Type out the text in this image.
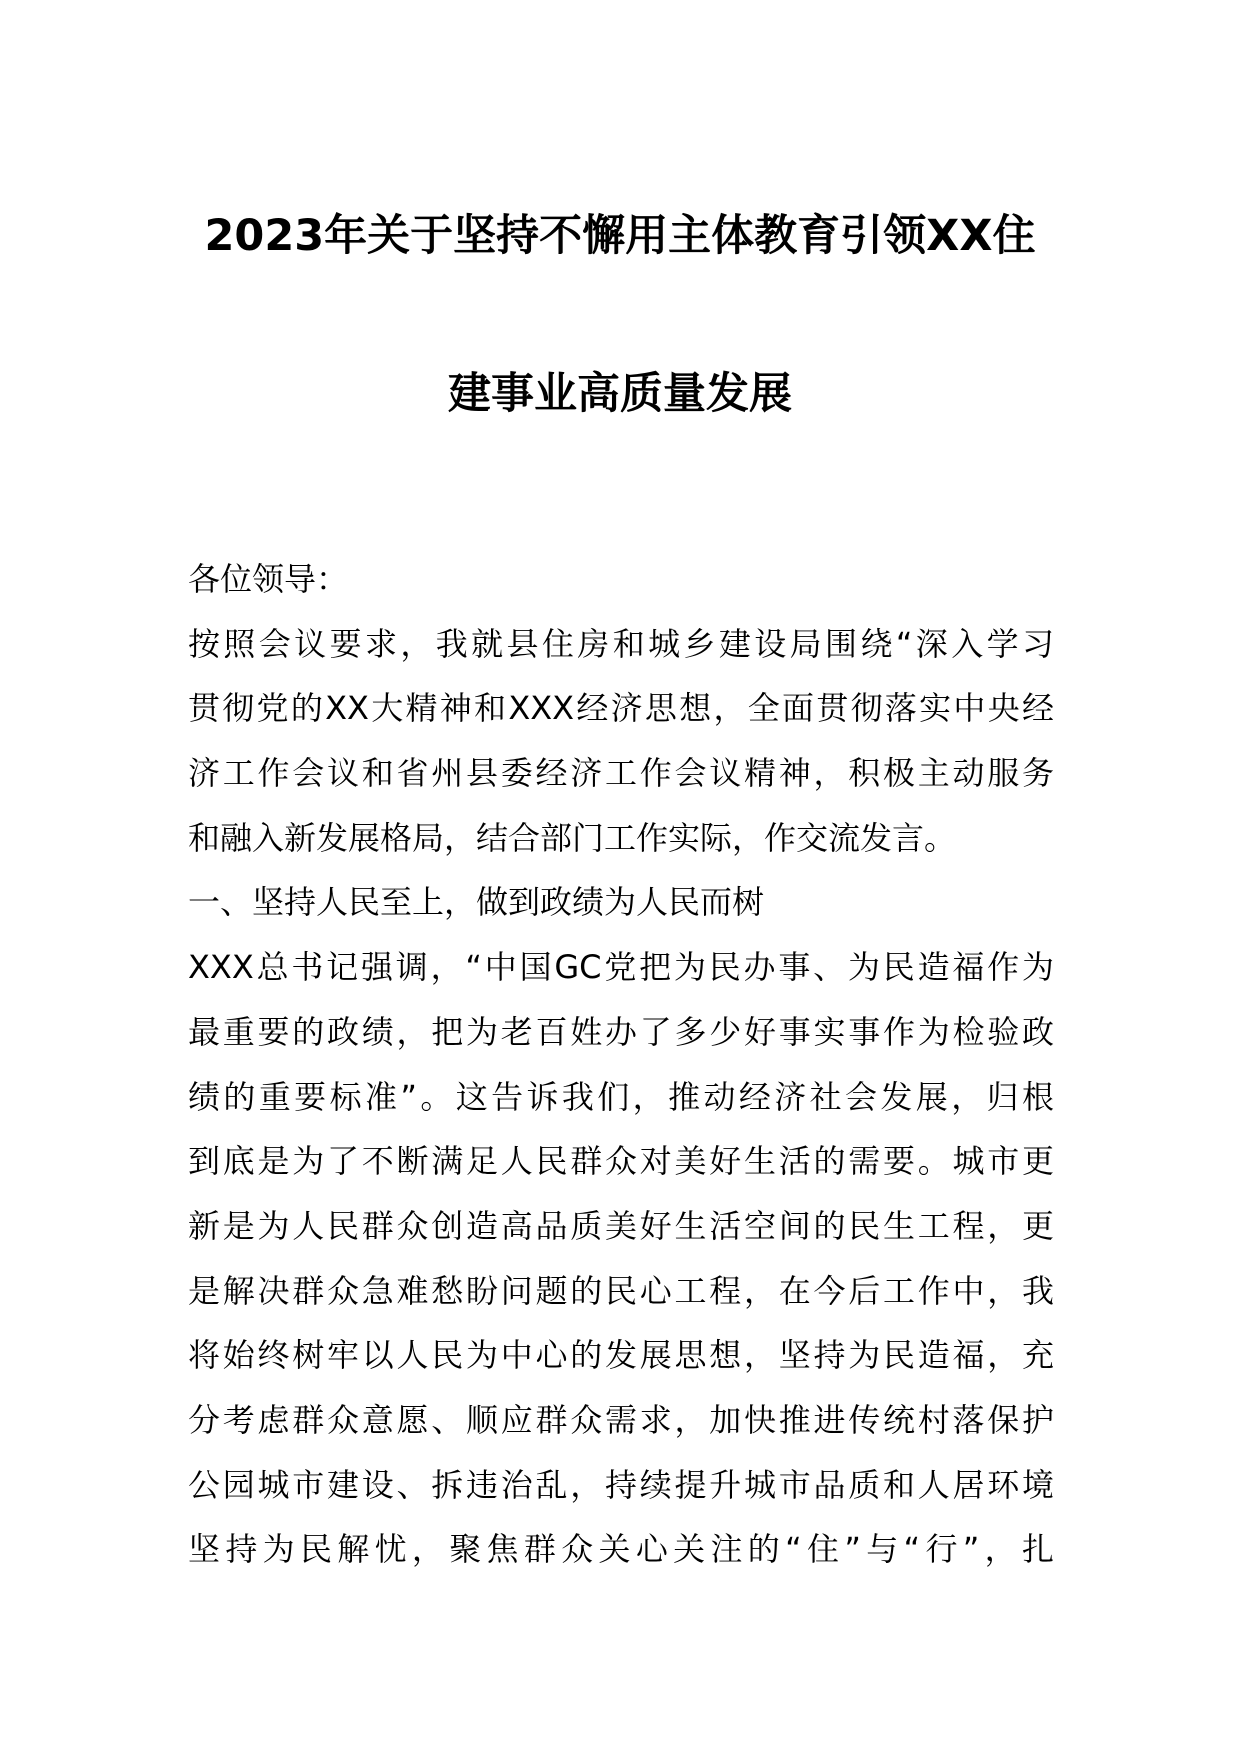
2023年关于坚持不懈用主体教育引领XX住
建事业高质量发展
各位领导：
按照会议要求，我就县住房和城乡建设局围绕“深入学习
贯彻党的XX大精神和XXX经济思想，全面贯彻落实中央经
济工作会议和省州县委经济工作会议精神，积极主动服务
和融入新发展格局，结合部门工作实际，作交流发言。
一、坚持人民至上，做到政绩为人民而树
XXX总书记强调，“中国GC党把为民办事、为民造福作为
最重要的政绩，把为老百姓办了多少好事实事作为检验政
绩的重要标准”。这告诉我们，推动经济社会发展，归根
到底是为了不断满足人民群众对美好生活的需要。城市更
新是为人民群众创造高品质美好生活空间的民生工程，更
是解决群众急难愁盼问题的民心工程，在今后工作中，我
将始终树牢以人民为中心的发展思想，坚持为民造福，充
分考虑群众意愿、顺应群众需求，加快推进传统村落保护
公园城市建设、拆违治乱，持续提升城市品质和人居环境
坚持为民解忧，聚焦群众关心关注的“住”与“行”，扎
